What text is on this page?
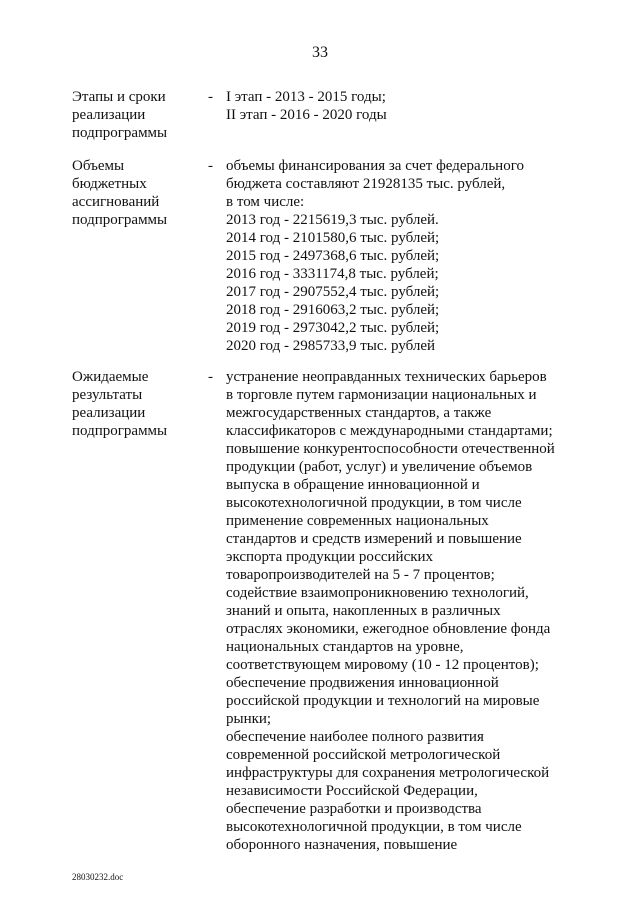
33
Этапы и сроки
реализации
подпрограммы
- I этап - 2013 - 2015 годы;
II этап - 2016 - 2020 годы
Объемы
бюджетных
ассигнований
подпрограммы
- объемы финансирования за счет федерального
бюджета составляют 21928135 тыс. рублей,
в том числе:
2013 год - 2215619,3 тыс. рублей.
2014 год - 2101580,6 тыс. рублей;
2015 год - 2497368,6 тыс. рублей;
2016 год - 3331174,8 тыс. рублей;
2017 год - 2907552,4 тыс. рублей;
2018 год - 2916063,2 тыс. рублей;
2019 год - 2973042,2 тыс. рублей;
2020 год - 2985733,9 тыс. рублей
Ожидаемые
результаты
реализации
подпрограммы
- устранение неоправданных технических барьеров
в торговле путем гармонизации национальных и
межгосударственных стандартов, а также
классификаторов с международными стандартами;
повышение конкурентоспособности отечественной
продукции (работ, услуг) и увеличение объемов
выпуска в обращение инновационной и
высокотехнологичной продукции, в том числе
применение современных национальных
стандартов и средств измерений и повышение
экспорта продукции российских
товаропроизводителей на 5 - 7 процентов;
содействие взаимопроникновению технологий,
знаний и опыта, накопленных в различных
отраслях экономики, ежегодное обновление фонда
национальных стандартов на уровне,
соответствующем мировому (10 - 12 процентов);
обеспечение продвижения инновационной
российской продукции и технологий на мировые
рынки;
обеспечение наиболее полного развития
современной российской метрологической
инфраструктуры для сохранения метрологической
независимости Российской Федерации,
обеспечение разработки и производства
высокотехнологичной продукции, в том числе
оборонного назначения, повышение
28030232.doc
